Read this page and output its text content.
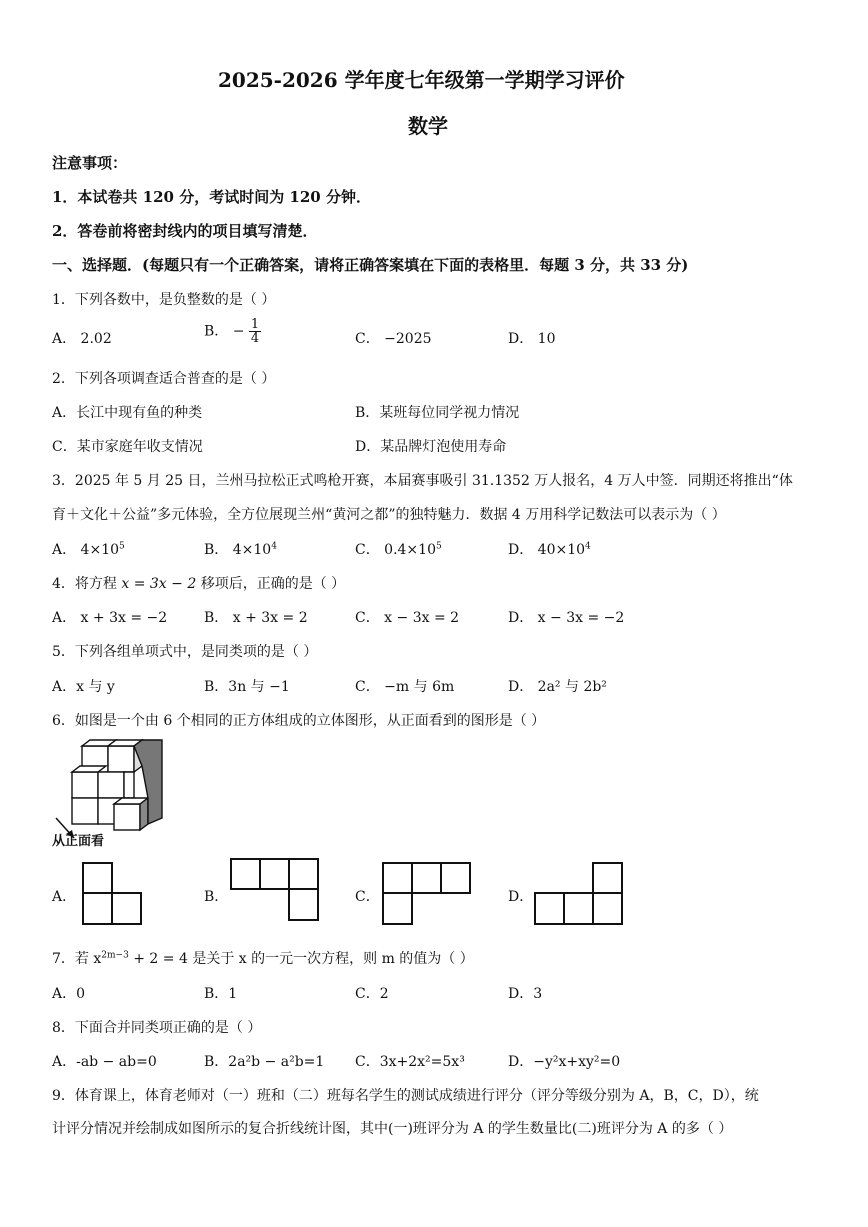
2025-2026 学年度七年级第一学期学习评价
数学
注意事项：
1．本试卷共 120 分，考试时间为 120 分钟．
2．答卷前将密封线内的项目填写清楚．
一、选择题．(每题只有一个正确答案，请将正确答案填在下面的表格里．每题 3 分，共 33 分)
1．下列各数中，是负整数的是（ ）
A． 2.02	B． − $\frac{1}{4}$	C． −2025	D． 10
2．下列各项调查适合普查的是（ ）
A．长江中现有鱼的种类	B．某班每位同学视力情况
C．某市家庭年收支情况	D．某品牌灯泡使用寿命
3．2025 年 5 月 25 日，兰州马拉松正式鸣枪开赛，本届赛事吸引 31.1352 万人报名，4 万人中签．同期还将推出“体
育＋文化＋公益”多元体验，全方位展现兰州“黄河之都”的独特魅力．数据 4 万用科学记数法可以表示为（ ）
A． $4\times 10^5$	B． $4\times 10^4$	C． $0.4\times 10^5$	D． $40\times 10^4$
4．将方程 x = 3x − 2 移项后，正确的是（ ）
A． x + 3x = −2	B． x + 3x = 2	C． x − 3x = 2	D． x − 3x = −2
5．下列各组单项式中，是同类项的是（ ）
A．x 与 y	B．3n 与 −1	C． −m 与 6m	D． 2a² 与 2b²
6．如图是一个由 6 个相同的正方体组成的立体图形，从正面看到的图形是（ ）
从正面看
A．	B．	C．	D．
7．若 $x^{2m-3} + 2 = 4$ 是关于 x 的一元一次方程，则 m 的值为（ ）
A．0	B．1	C．2	D．3
8．下面合并同类项正确的是（ ）
A．-ab − ab=0	B．2a²b − a²b=1 C．3x+2x²=5x³	D．−y²x+xy²=0
9．体育课上，体育老师对（一）班和（二）班每名学生的测试成绩进行评分（评分等级分别为 A，B，C，D），统
计评分情况并绘制成如图所示的复合折线统计图，其中(一)班评分为 A 的学生数量比(二)班评分为 A 的多（ ）
